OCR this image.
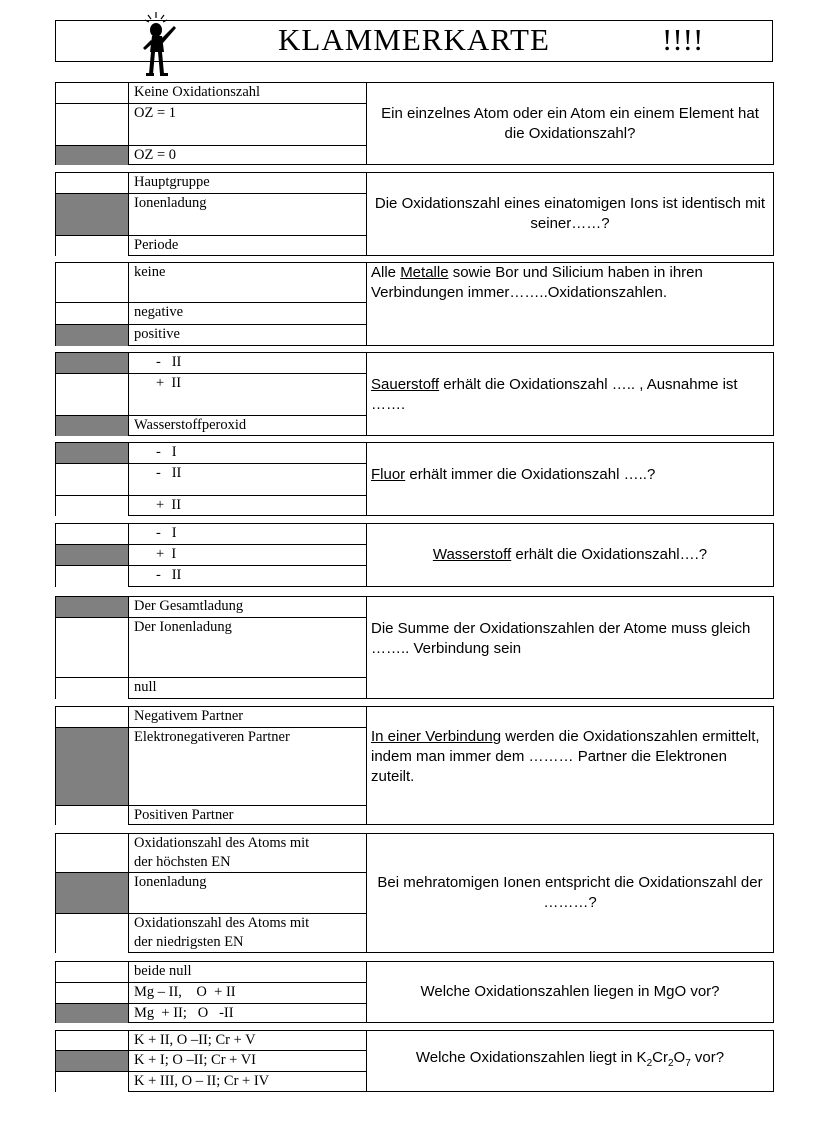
KLAMMERKARTE	!!!!
Keine Oxidationszahl
OZ = 1
OZ = 0
Ein einzelnes Atom oder ein Atom ein einem Element hat die Oxidationszahl?
Hauptgruppe
Ionenladung
Periode
Die Oxidationszahl eines einatomigen Ions ist identisch mit seiner……?
keine
negative
positive
Alle Metalle sowie Bor und Silicium haben in ihren Verbindungen immer……..Oxidationszahlen.
-   II
+  II
Wasserstoffperoxid
Sauerstoff erhält die Oxidationszahl ….. , Ausnahme ist …….
-   I
-   II
+  II
Fluor erhält immer die Oxidationszahl …..?
-   I
+  I
-   II
Wasserstoff erhält die Oxidationszahl….?
Der Gesamtladung
Der Ionenladung
null
Die Summe der Oxidationszahlen der Atome muss gleich …….. Verbindung sein
Negativem Partner
Elektronegativeren Partner
Positiven Partner
In einer Verbindung werden die Oxidationszahlen ermittelt, indem man immer dem ……… Partner die Elektronen zuteilt.
Oxidationszahl des Atoms mit
der höchsten EN
Ionenladung
Oxidationszahl des Atoms mit
der niedrigsten EN
Bei mehratomigen Ionen entspricht die Oxidationszahl der ………?
beide null
Mg – II,    O  + II
Mg  + II;   O   -II
Welche Oxidationszahlen liegen in MgO vor?
K + II, O –II; Cr + V
K + I; O –II; Cr + VI
K + III, O – II; Cr + IV
Welche Oxidationszahlen liegt in $K_2Cr_2O_7$ vor?
